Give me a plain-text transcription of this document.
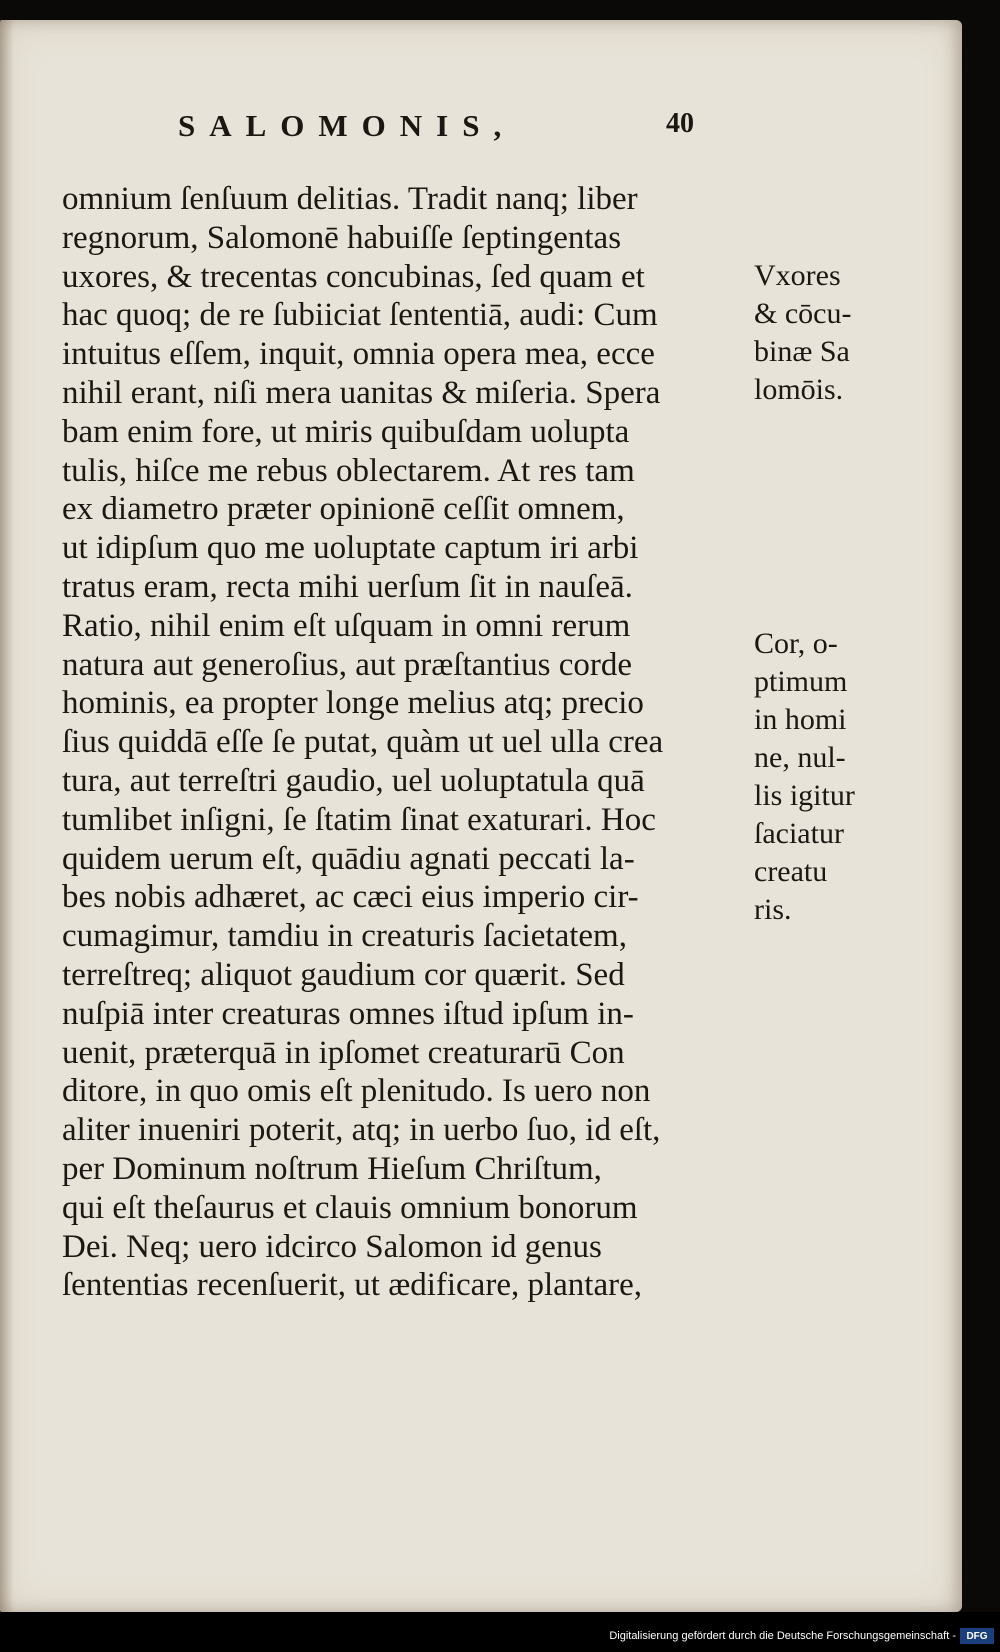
SALOMONIS,	40
omnium ſenſuum delitias. Tradit nanq; liber
regnorum, Salomonē habuiſſe ſeptingentas
uxores, & trecentas concubinas, ſed quam et
hac quoq; de re ſubiiciat ſententiā, audi: Cum
intuitus eſſem, inquit, omnia opera mea, ecce
nihil erant, niſi mera uanitas & miſeria. Spera
bam enim fore, ut miris quibuſdam uolupta
tulis, hiſce me rebus oblectarem. At res tam
ex diametro præter opinionē ceſſit omnem,
ut idipſum quo me uoluptate captum iri arbi
tratus eram, recta mihi uerſum ſit in nauſeā.
Ratio, nihil enim eſt uſquam in omni rerum
natura aut generoſius, aut præſtantius corde
hominis, ea propter longe melius atq; precio
ſius quiddā eſſe ſe putat, quàm ut uel ulla crea
tura, aut terreſtri gaudio, uel uoluptatula quā
tumlibet inſigni, ſe ſtatim ſinat exaturari. Hoc
quidem uerum eſt, quādiu agnati peccati la-
bes nobis adhæret, ac cæci eius imperio cir-
cumagimur, tamdiu in creaturis ſacietatem,
terreſtreq; aliquot gaudium cor quærit. Sed
nuſpiā inter creaturas omnes iſtud ipſum in-
uenit, præterquā in ipſomet creaturarū Con
ditore, in quo omis eſt plenitudo. Is uero non
aliter inueniri poterit, atq; in uerbo ſuo, id eſt,
per Dominum noſtrum Hieſum Chriſtum,
qui eſt theſaurus et clauis omnium bonorum
Dei. Neq; uero idcirco Salomon id genus
ſententias recenſuerit, ut ædificare, plantare,
Vxores
& cōcu-
binæ Sa
lomōis.
Cor, o-
ptimum
in homi
ne, nul-
lis igitur
ſaciatur
creatu
ris.
Digitalisierung gefördert durch die Deutsche Forschungsgemeinschaft -	DFG
